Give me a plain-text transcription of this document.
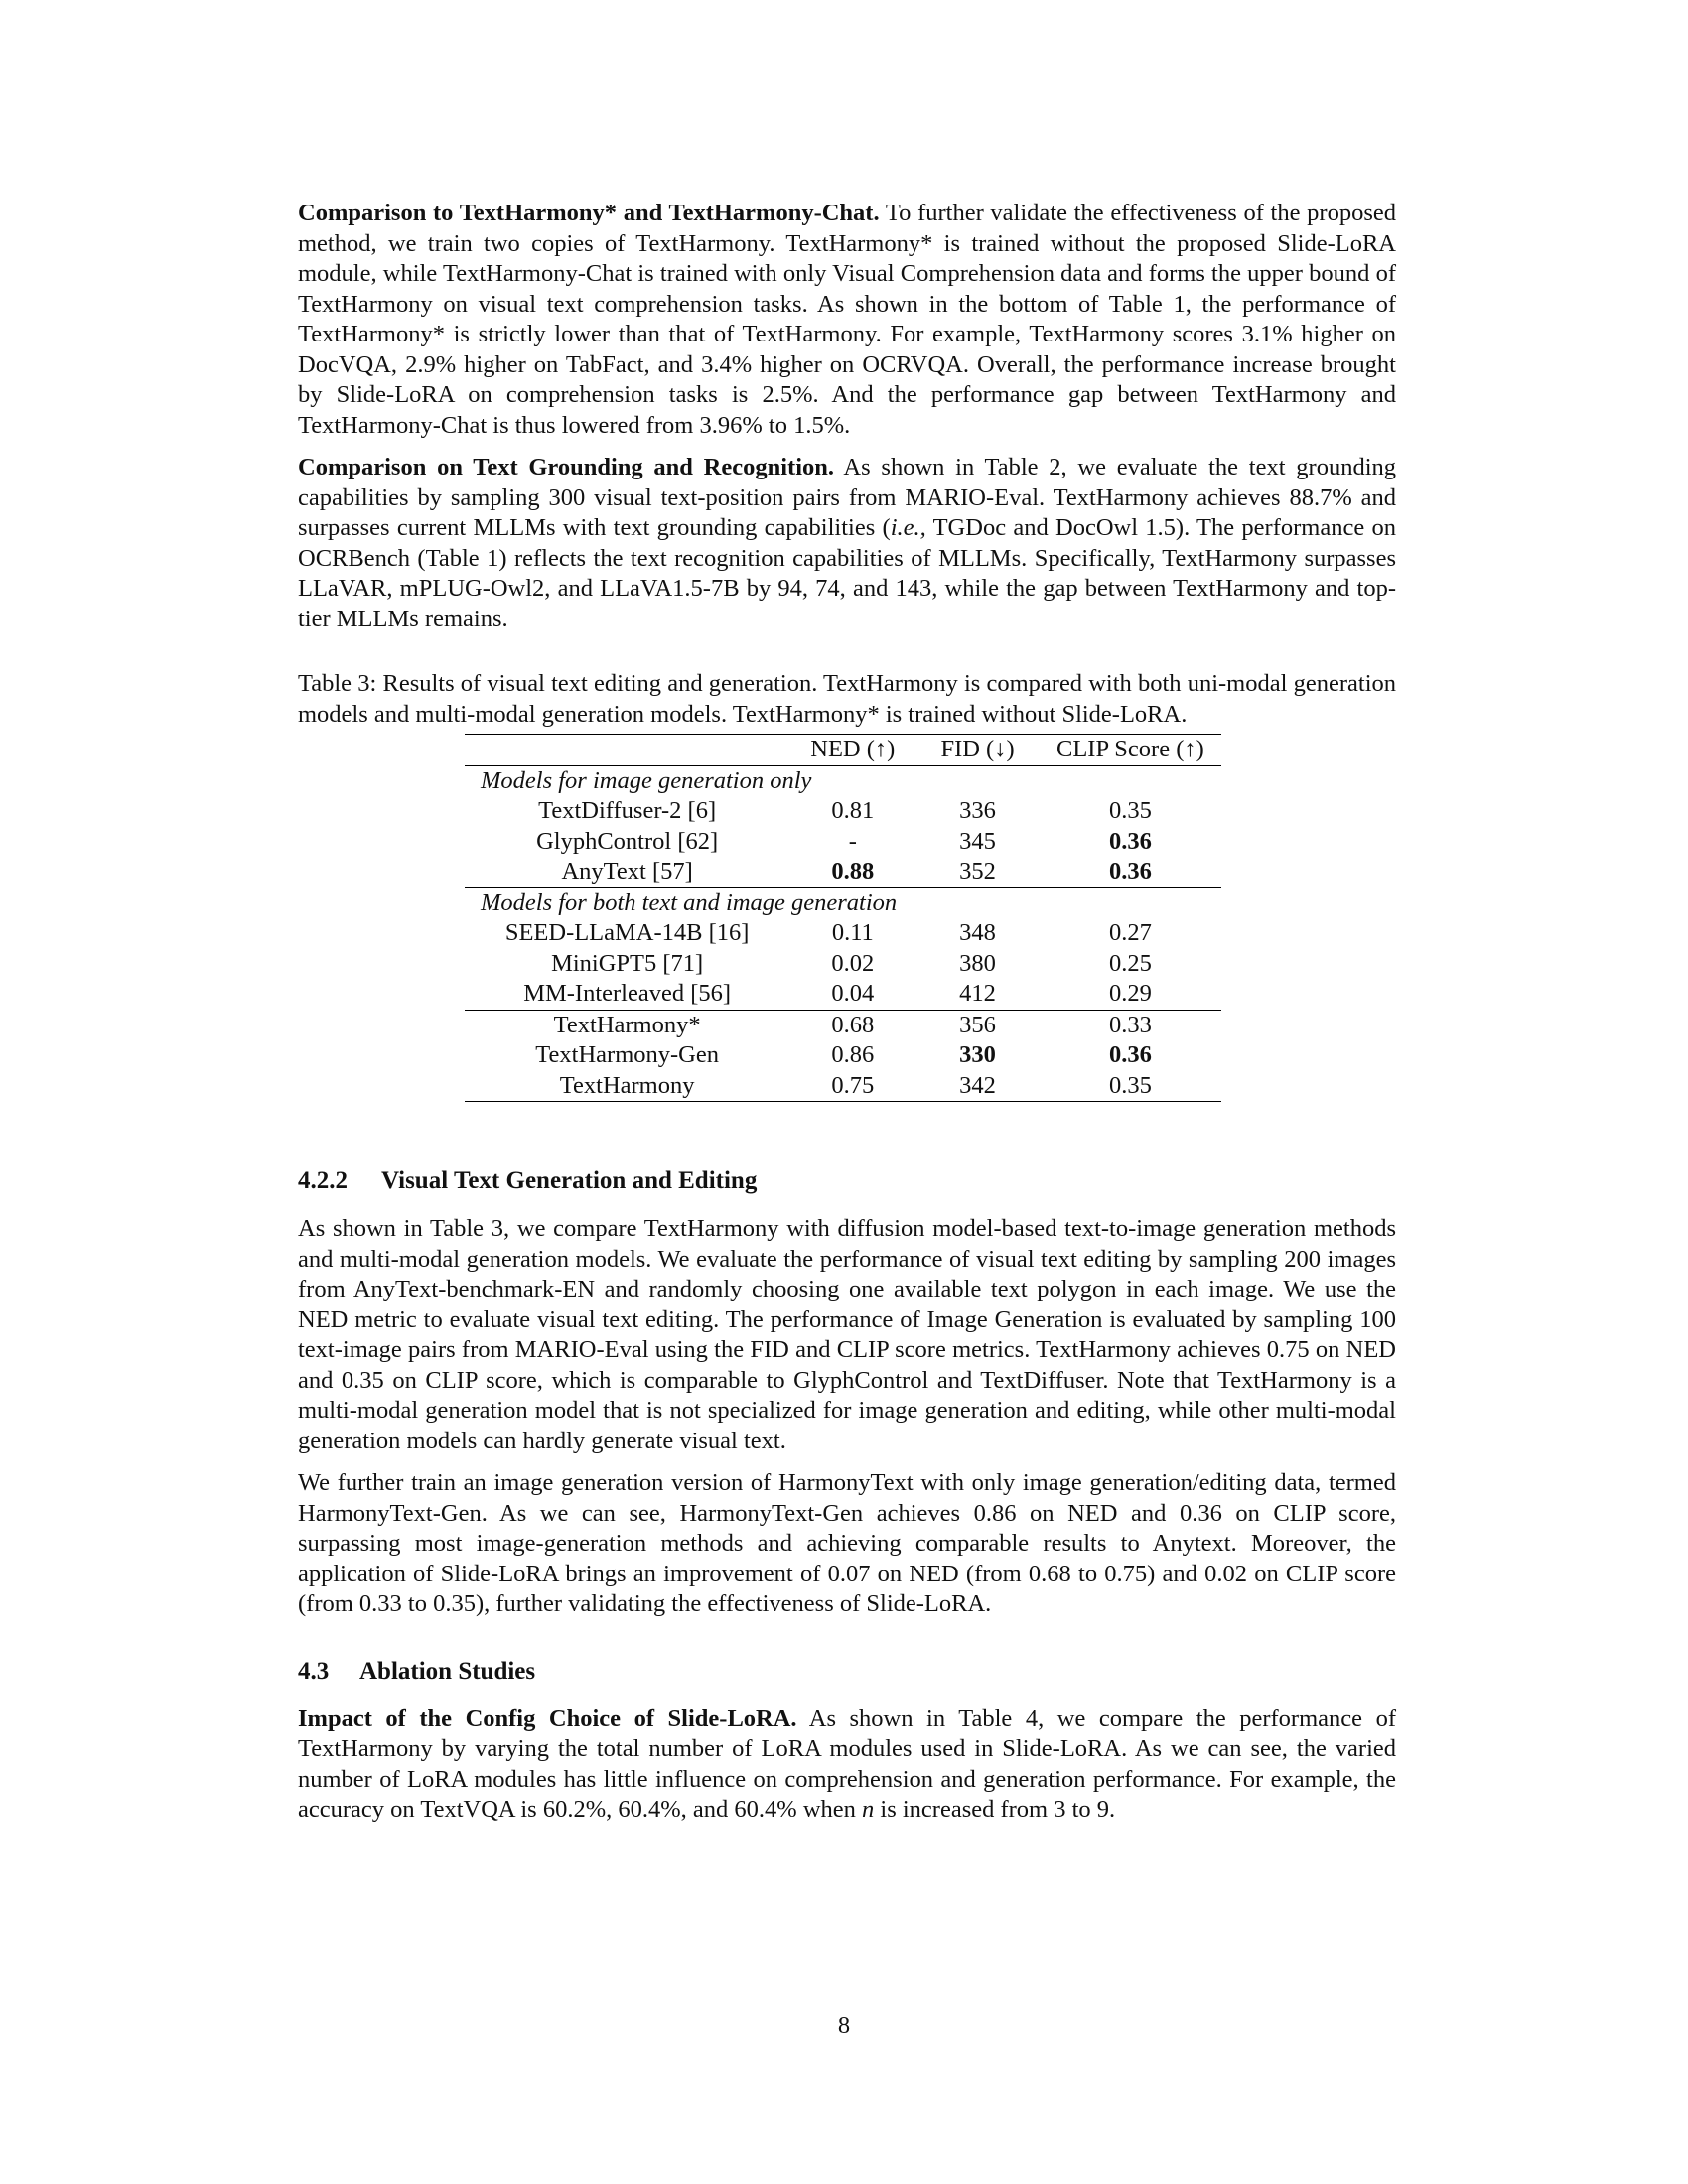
Comparison to TextHarmony* and TextHarmony-Chat. To further validate the effectiveness of the proposed method, we train two copies of TextHarmony. TextHarmony* is trained without the proposed Slide-LoRA module, while TextHarmony-Chat is trained with only Visual Comprehension data and forms the upper bound of TextHarmony on visual text comprehension tasks. As shown in the bottom of Table 1, the performance of TextHarmony* is strictly lower than that of TextHarmony. For example, TextHarmony scores 3.1% higher on DocVQA, 2.9% higher on TabFact, and 3.4% higher on OCRVQA. Overall, the performance increase brought by Slide-LoRA on comprehension tasks is 2.5%. And the performance gap between TextHarmony and TextHarmony-Chat is thus lowered from 3.96% to 1.5%.

Comparison on Text Grounding and Recognition. As shown in Table 2, we evaluate the text grounding capabilities by sampling 300 visual text-position pairs from MARIO-Eval. TextHarmony achieves 88.7% and surpasses current MLLMs with text grounding capabilities (i.e., TGDoc and DocOwl 1.5). The performance on OCRBench (Table 1) reflects the text recognition capabilities of MLLMs. Specifically, TextHarmony surpasses LLaVAR, mPLUG-Owl2, and LLaVA1.5-7B by 94, 74, and 143, while the gap between TextHarmony and top-tier MLLMs remains.

Table 3: Results of visual text editing and generation. TextHarmony is compared with both uni-modal generation models and multi-modal generation models. TextHarmony* is trained without Slide-LoRA.

	NED (↑)	FID (↓)	CLIP Score (↑)
Models for image generation only			
TextDiffuser-2 [6]	0.81	336	0.35
GlyphControl [62]	-	345	0.36
AnyText [57]	0.88	352	0.36
Models for both text and image generation			
SEED-LLaMA-14B [16]	0.11	348	0.27
MiniGPT5 [71]	0.02	380	0.25
MM-Interleaved [56]	0.04	412	0.29
TextHarmony*	0.68	356	0.33
TextHarmony-Gen	0.86	330	0.36
TextHarmony	0.75	342	0.35
4.2.2 Visual Text Generation and Editing

As shown in Table 3, we compare TextHarmony with diffusion model-based text-to-image generation methods and multi-modal generation models. We evaluate the performance of visual text editing by sampling 200 images from AnyText-benchmark-EN and randomly choosing one available text polygon in each image. We use the NED metric to evaluate visual text editing. The performance of Image Generation is evaluated by sampling 100 text-image pairs from MARIO-Eval using the FID and CLIP score metrics. TextHarmony achieves 0.75 on NED and 0.35 on CLIP score, which is comparable to GlyphControl and TextDiffuser. Note that TextHarmony is a multi-modal generation model that is not specialized for image generation and editing, while other multi-modal generation models can hardly generate visual text.

We further train an image generation version of HarmonyText with only image generation/editing data, termed HarmonyText-Gen. As we can see, HarmonyText-Gen achieves 0.86 on NED and 0.36 on CLIP score, surpassing most image-generation methods and achieving comparable results to Anytext. Moreover, the application of Slide-LoRA brings an improvement of 0.07 on NED (from 0.68 to 0.75) and 0.02 on CLIP score (from 0.33 to 0.35), further validating the effectiveness of Slide-LoRA.

4.3 Ablation Studies

Impact of the Config Choice of Slide-LoRA. As shown in Table 4, we compare the performance of TextHarmony by varying the total number of LoRA modules used in Slide-LoRA. As we can see, the varied number of LoRA modules has little influence on comprehension and generation performance. For example, the accuracy on TextVQA is 60.2%, 60.4%, and 60.4% when n is increased from 3 to 9.

8
